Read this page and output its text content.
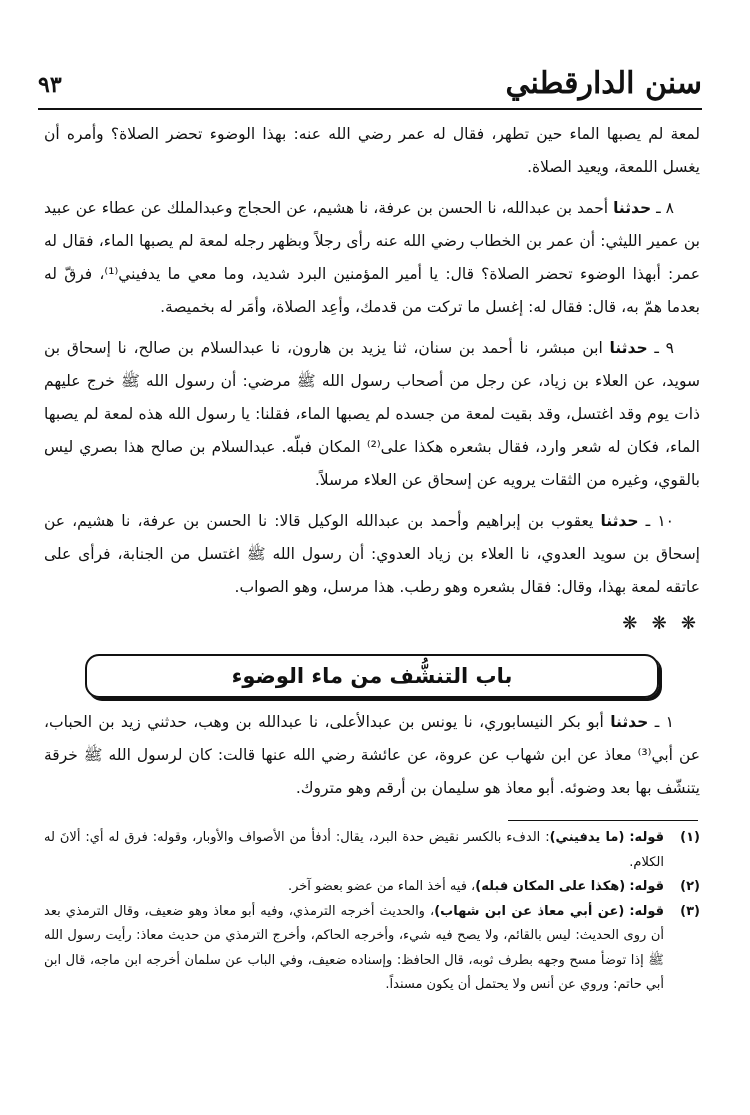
سنن الدارقطني
٩٣

لمعة لم يصبها الماء حين تطهر، فقال له عمر رضي الله عنه: بهذا الوضوء تحضر الصلاة؟ وأمره أن يغسل اللمعة، ويعيد الصلاة.

٨ ـ حدثنا أحمد بن عبدالله، نا الحسن بن عرفة، نا هشيم، عن الحجاج وعبدالملك عن عطاء عن عبيد بن عمير الليثي: أن عمر بن الخطاب رضي الله عنه رأى رجلاً وبظهر رجله لمعة لم يصبها الماء، فقال له عمر: أبهذا الوضوء تحضر الصلاة؟ قال: يا أمير المؤمنين البرد شديد، وما معي ما يدفيني⁽¹⁾، فرقّ له بعدما همّ به، قال: فقال له: إغسل ما تركت من قدمك، وأعِد الصلاة، وأمَر له بخميصة.

٩ ـ حدثنا ابن مبشر، نا أحمد بن سنان، ثنا يزيد بن هارون، نا عبدالسلام بن صالح، نا إسحاق بن سويد، عن العلاء بن زياد، عن رجل من أصحاب رسول الله ﷺ مرضي: أن رسول الله ﷺ خرج عليهم ذات يوم وقد اغتسل، وقد بقيت لمعة من جسده لم يصبها الماء، فقلنا: يا رسول الله هذه لمعة لم يصبها الماء، فكان له شعر وارد، فقال بشعره هكذا على⁽²⁾ المكان فبلّه. عبدالسلام بن صالح هذا بصري ليس بالقوي، وغيره من الثقات يرويه عن إسحاق عن العلاء مرسلاً.

١٠ ـ حدثنا يعقوب بن إبراهيم وأحمد بن عبدالله الوكيل قالا: نا الحسن بن عرفة، نا هشيم، عن إسحاق بن سويد العدوي، نا العلاء بن زياد العدوي: أن رسول الله ﷺ اغتسل من الجنابة، فرأى على عاتقه لمعة بهذا، وقال: فقال بشعره وهو رطب. هذا مرسل، وهو الصواب.

❋ ❋ ❋
باب التنشُّف من ماء الوضوء

١ ـ حدثنا أبو بكر النيسابوري، نا يونس بن عبدالأعلى، نا عبدالله بن وهب، حدثني زيد بن الحباب، عن أبي⁽³⁾ معاذ عن ابن شهاب عن عروة، عن عائشة رضي الله عنها قالت: كان لرسول الله ﷺ خرقة يتنشّف بها بعد وضوئه. أبو معاذ هو سليمان بن أرقم وهو متروك.

(١)
قوله: (ما يدفيني): الدفء بالكسر نقيض حدة البرد، يقال: أدفأ من الأصواف والأوبار، وقوله: فرق له أي: ألانَ له الكلام.
(٢)
قوله: (هكذا على المكان فبله)، فيه أخذ الماء من عضو بعضو آخر.
(٣)
قوله: (عن أبي معاذ عن ابن شهاب)، والحديث أخرجه الترمذي، وفيه أبو معاذ وهو ضعيف، وقال الترمذي بعد أن روى الحديث: ليس بالقائم، ولا يصح فيه شيء، وأخرجه الحاكم، وأخرج الترمذي من حديث معاذ: رأيت رسول الله ﷺ إذا توضأ مسح وجهه بطرف ثوبه، قال الحافظ: وإسناده ضعيف، وفي الباب عن سلمان أخرجه ابن ماجه، قال ابن أبي حاتم: وروي عن أنس ولا يحتمل أن يكون مسنداً.
